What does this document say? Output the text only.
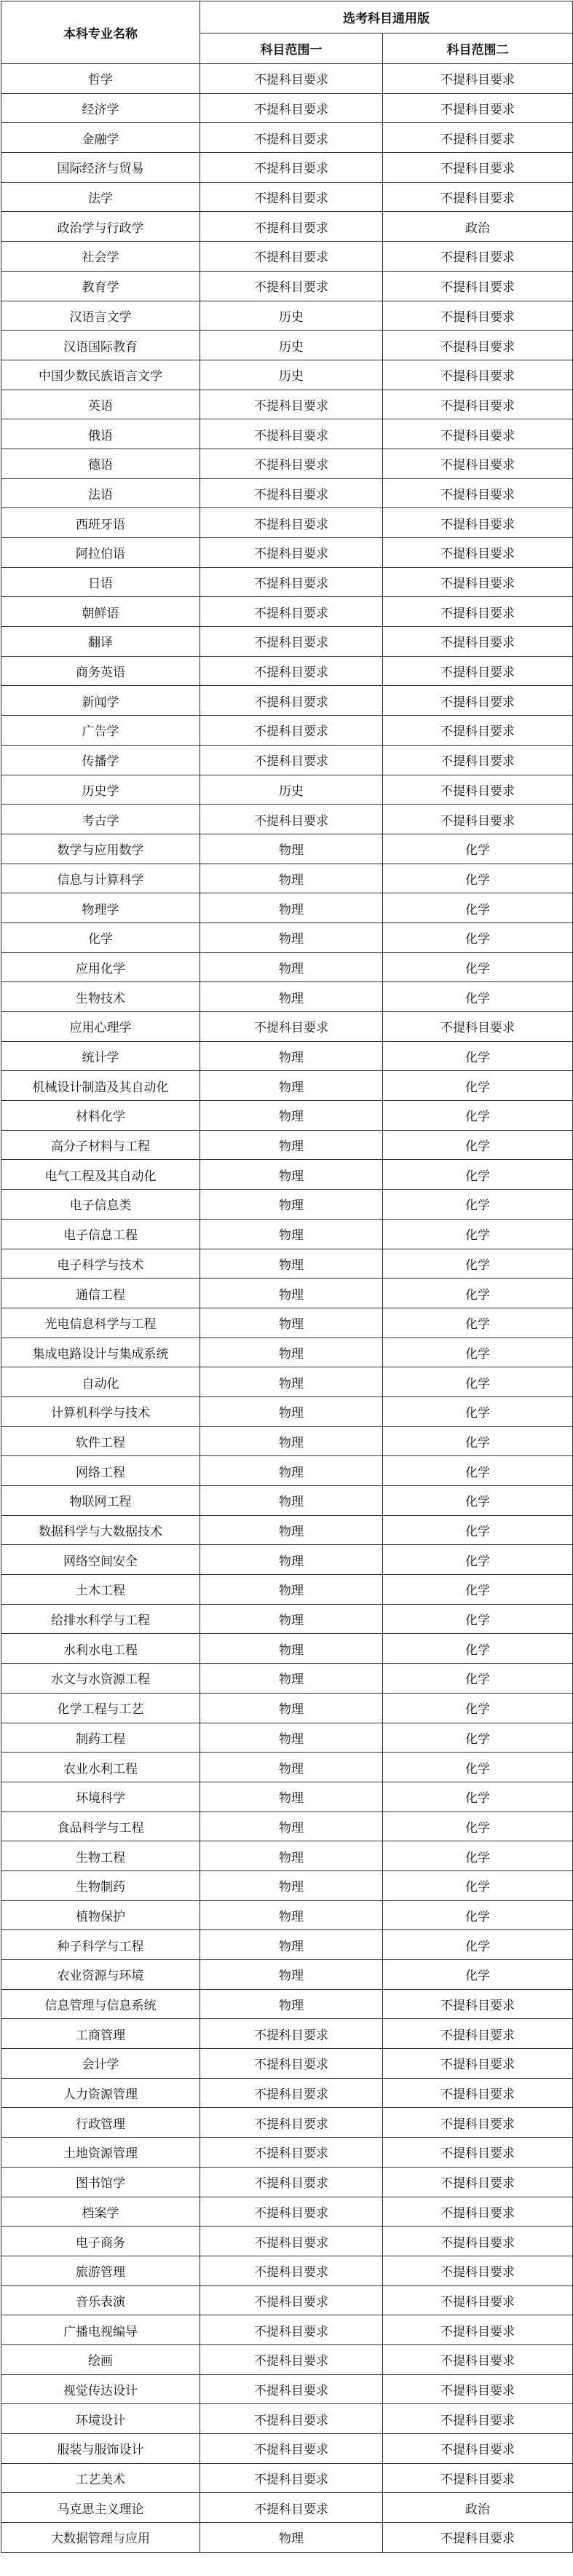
本科专业名称	选考科目通用版	
	科目范围一	科目范围二
哲学	不提科目要求	不提科目要求
经济学	不提科目要求	不提科目要求
金融学	不提科目要求	不提科目要求
国际经济与贸易	不提科目要求	不提科目要求
法学	不提科目要求	不提科目要求
政治学与行政学	不提科目要求	政治
社会学	不提科目要求	不提科目要求
教育学	不提科目要求	不提科目要求
汉语言文学	历史	不提科目要求
汉语国际教育	历史	不提科目要求
中国少数民族语言文学	历史	不提科目要求
英语	不提科目要求	不提科目要求
俄语	不提科目要求	不提科目要求
德语	不提科目要求	不提科目要求
法语	不提科目要求	不提科目要求
西班牙语	不提科目要求	不提科目要求
阿拉伯语	不提科目要求	不提科目要求
日语	不提科目要求	不提科目要求
朝鲜语	不提科目要求	不提科目要求
翻译	不提科目要求	不提科目要求
商务英语	不提科目要求	不提科目要求
新闻学	不提科目要求	不提科目要求
广告学	不提科目要求	不提科目要求
传播学	不提科目要求	不提科目要求
历史学	历史	不提科目要求
考古学	不提科目要求	不提科目要求
数学与应用数学	物理	化学
信息与计算科学	物理	化学
物理学	物理	化学
化学	物理	化学
应用化学	物理	化学
生物技术	物理	化学
应用心理学	不提科目要求	不提科目要求
统计学	物理	化学
机械设计制造及其自动化	物理	化学
材料化学	物理	化学
高分子材料与工程	物理	化学
电气工程及其自动化	物理	化学
电子信息类	物理	化学
电子信息工程	物理	化学
电子科学与技术	物理	化学
通信工程	物理	化学
光电信息科学与工程	物理	化学
集成电路设计与集成系统	物理	化学
自动化	物理	化学
计算机科学与技术	物理	化学
软件工程	物理	化学
网络工程	物理	化学
物联网工程	物理	化学
数据科学与大数据技术	物理	化学
网络空间安全	物理	化学
土木工程	物理	化学
给排水科学与工程	物理	化学
水利水电工程	物理	化学
水文与水资源工程	物理	化学
化学工程与工艺	物理	化学
制药工程	物理	化学
农业水利工程	物理	化学
环境科学	物理	化学
食品科学与工程	物理	化学
生物工程	物理	化学
生物制药	物理	化学
植物保护	物理	化学
种子科学与工程	物理	化学
农业资源与环境	物理	化学
信息管理与信息系统	物理	不提科目要求
工商管理	不提科目要求	不提科目要求
会计学	不提科目要求	不提科目要求
人力资源管理	不提科目要求	不提科目要求
行政管理	不提科目要求	不提科目要求
土地资源管理	不提科目要求	不提科目要求
图书馆学	不提科目要求	不提科目要求
档案学	不提科目要求	不提科目要求
电子商务	不提科目要求	不提科目要求
旅游管理	不提科目要求	不提科目要求
音乐表演	不提科目要求	不提科目要求
广播电视编导	不提科目要求	不提科目要求
绘画	不提科目要求	不提科目要求
视觉传达设计	不提科目要求	不提科目要求
环境设计	不提科目要求	不提科目要求
服装与服饰设计	不提科目要求	不提科目要求
工艺美术	不提科目要求	不提科目要求
马克思主义理论	不提科目要求	政治
大数据管理与应用	物理	不提科目要求
